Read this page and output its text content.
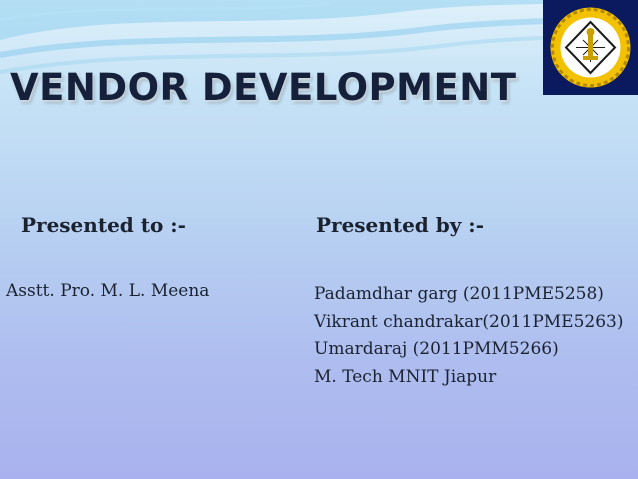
VENDOR DEVELOPMENT
Presented to :-	Presented by :-

Asstt. Pro. M. L. Meena	Padamdhar garg (2011PME5258)
Vikrant chandrakar(2011PME5263)
Umardaraj (2011PMM5266)
M. Tech MNIT Jiapur
